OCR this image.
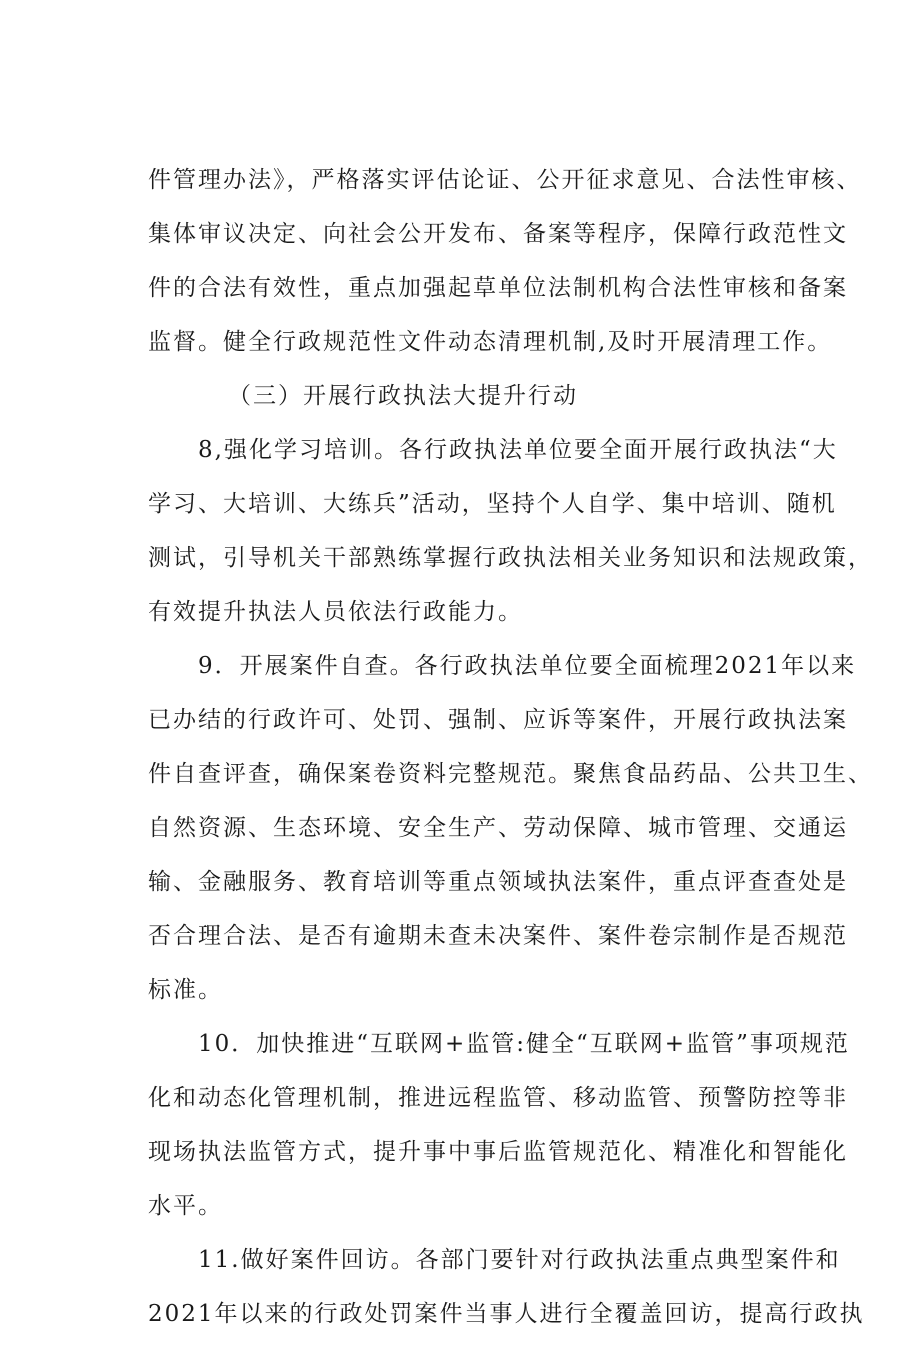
件管理办法》，严格落实评估论证、公开征求意见、合法性审核、
集体审议决定、向社会公开发布、备案等程序，保障行政范性文
件的合法有效性，重点加强起草单位法制机构合法性审核和备案
监督。健全行政规范性文件动态清理机制,及时开展清理工作。
（三）开展行政执法大提升行动
8,强化学习培训。各行政执法单位要全面开展行政执法“大
学习、大培训、大练兵”活动，坚持个人自学、集中培训、随机
测试，引导机关干部熟练掌握行政执法相关业务知识和法规政策，
有效提升执法人员依法行政能力。
9．开展案件自查。各行政执法单位要全面梳理2021年以来
已办结的行政许可、处罚、强制、应诉等案件，开展行政执法案
件自查评查，确保案卷资料完整规范。聚焦食品药品、公共卫生、
自然资源、生态环境、安全生产、劳动保障、城市管理、交通运
输、金融服务、教育培训等重点领域执法案件，重点评查查处是
否合理合法、是否有逾期未查未决案件、案件卷宗制作是否规范
标准。
10．加快推进“互联网+监管:健全“互联网+监管”事项规范
化和动态化管理机制，推进远程监管、移动监管、预警防控等非
现场执法监管方式，提升事中事后监管规范化、精准化和智能化
水平。
11.做好案件回访。各部门要针对行政执法重点典型案件和
2021年以来的行政处罚案件当事人进行全覆盖回访，提高行政执
